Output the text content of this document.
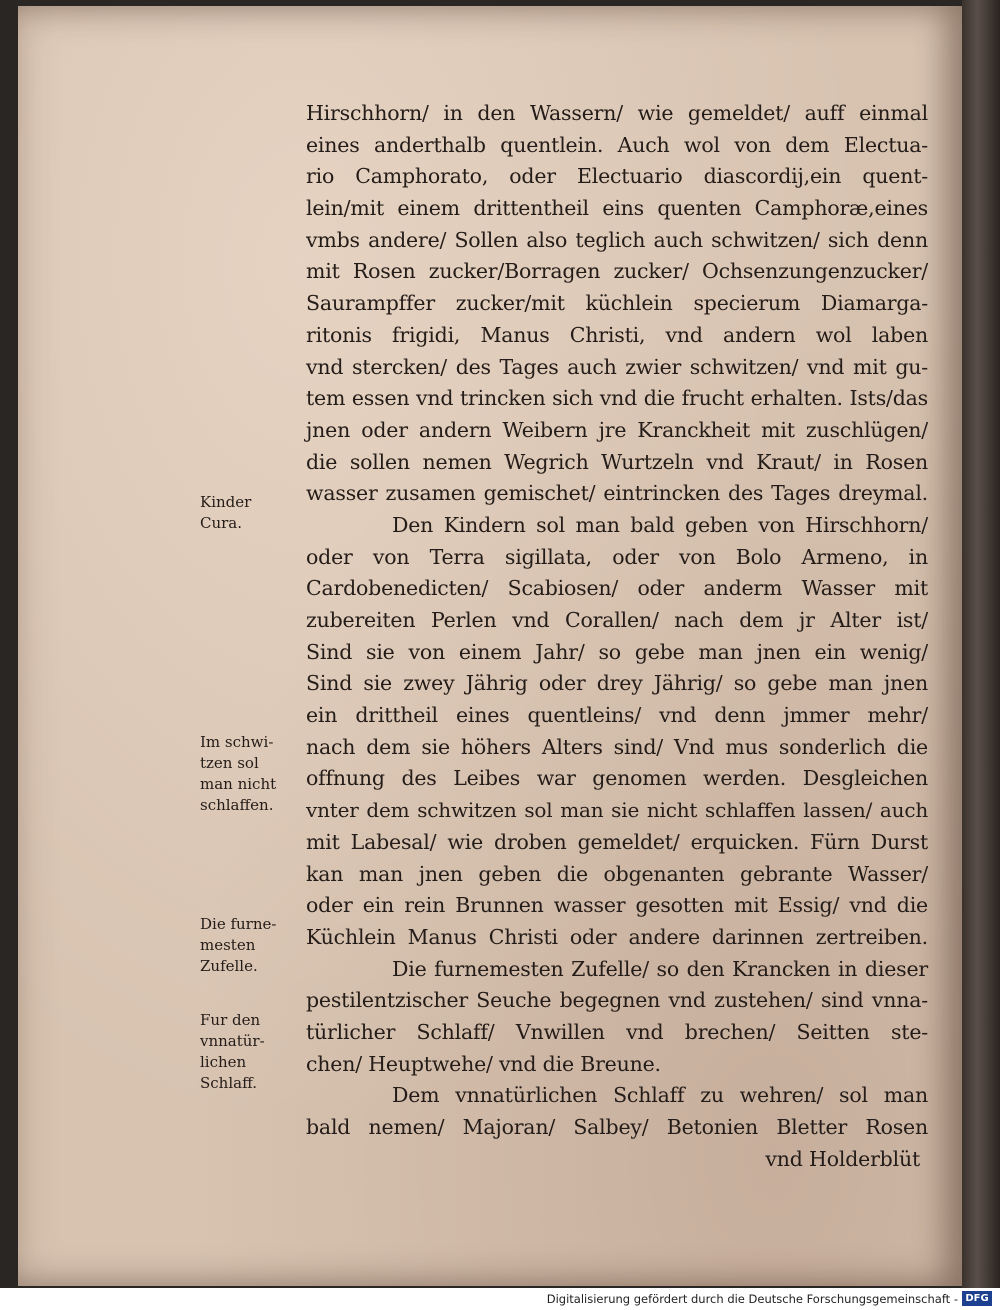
Hirschhorn/ in den Wassern/ wie gemeldet/ auff einmal
eines anderthalb quentlein. Auch wol von dem Electua-
rio Camphorato, oder Electuario diascordij,ein quent-
lein/mit einem drittentheil eins quenten Camphoræ,eines
vmbs andere/ Sollen also teglich auch schwitzen/ sich denn
mit Rosen zucker/Borragen zucker/ Ochsenzungenzucker/
Saurampffer zucker/mit küchlein specierum Diamarga-
ritonis frigidi, Manus Christi, vnd andern wol laben
vnd stercken/ des Tages auch zwier schwitzen/ vnd mit gu-
tem essen vnd trincken sich vnd die frucht erhalten. Ists/das
jnen oder andern Weibern jre Kranckheit mit zuschlügen/
die sollen nemen Wegrich Wurtzeln vnd Kraut/ in Rosen
wasser zusamen gemischet/ eintrincken des Tages dreymal.
Den Kindern sol man bald geben von Hirschhorn/
oder von Terra sigillata, oder von Bolo Armeno, in
Cardobenedicten/ Scabiosen/ oder anderm Wasser mit
zubereiten Perlen vnd Corallen/ nach dem jr Alter ist/
Sind sie von einem Jahr/ so gebe man jnen ein wenig/
Sind sie zwey Jährig oder drey Jährig/ so gebe man jnen
ein drittheil eines quentleins/ vnd denn jmmer mehr/
nach dem sie höhers Alters sind/ Vnd mus sonderlich die
offnung des Leibes war genomen werden. Desgleichen
vnter dem schwitzen sol man sie nicht schlaffen lassen/ auch
mit Labesal/ wie droben gemeldet/ erquicken. Fürn Durst
kan man jnen geben die obgenanten gebrante Wasser/
oder ein rein Brunnen wasser gesotten mit Essig/ vnd die
Küchlein Manus Christi oder andere darinnen zertreiben.
Die furnemesten Zufelle/ so den Krancken in dieser
pestilentzischer Seuche begegnen vnd zustehen/ sind vnna-
türlicher Schlaff/ Vnwillen vnd brechen/ Seitten ste-
chen/ Heuptwehe/ vnd die Breune.
Dem vnnatürlichen Schlaff zu wehren/ sol man
bald nemen/ Majoran/ Salbey/ Betonien Bletter Rosen
vnd Holderblüt
Kinder
Cura.
Im schwi-
tzen sol
man nicht
schlaffen.
Die furne-
mesten
Zufelle.
Fur den
vnnatür-
lichen
Schlaff.
Digitalisierung gefördert durch die Deutsche Forschungsgemeinschaft - DFG
